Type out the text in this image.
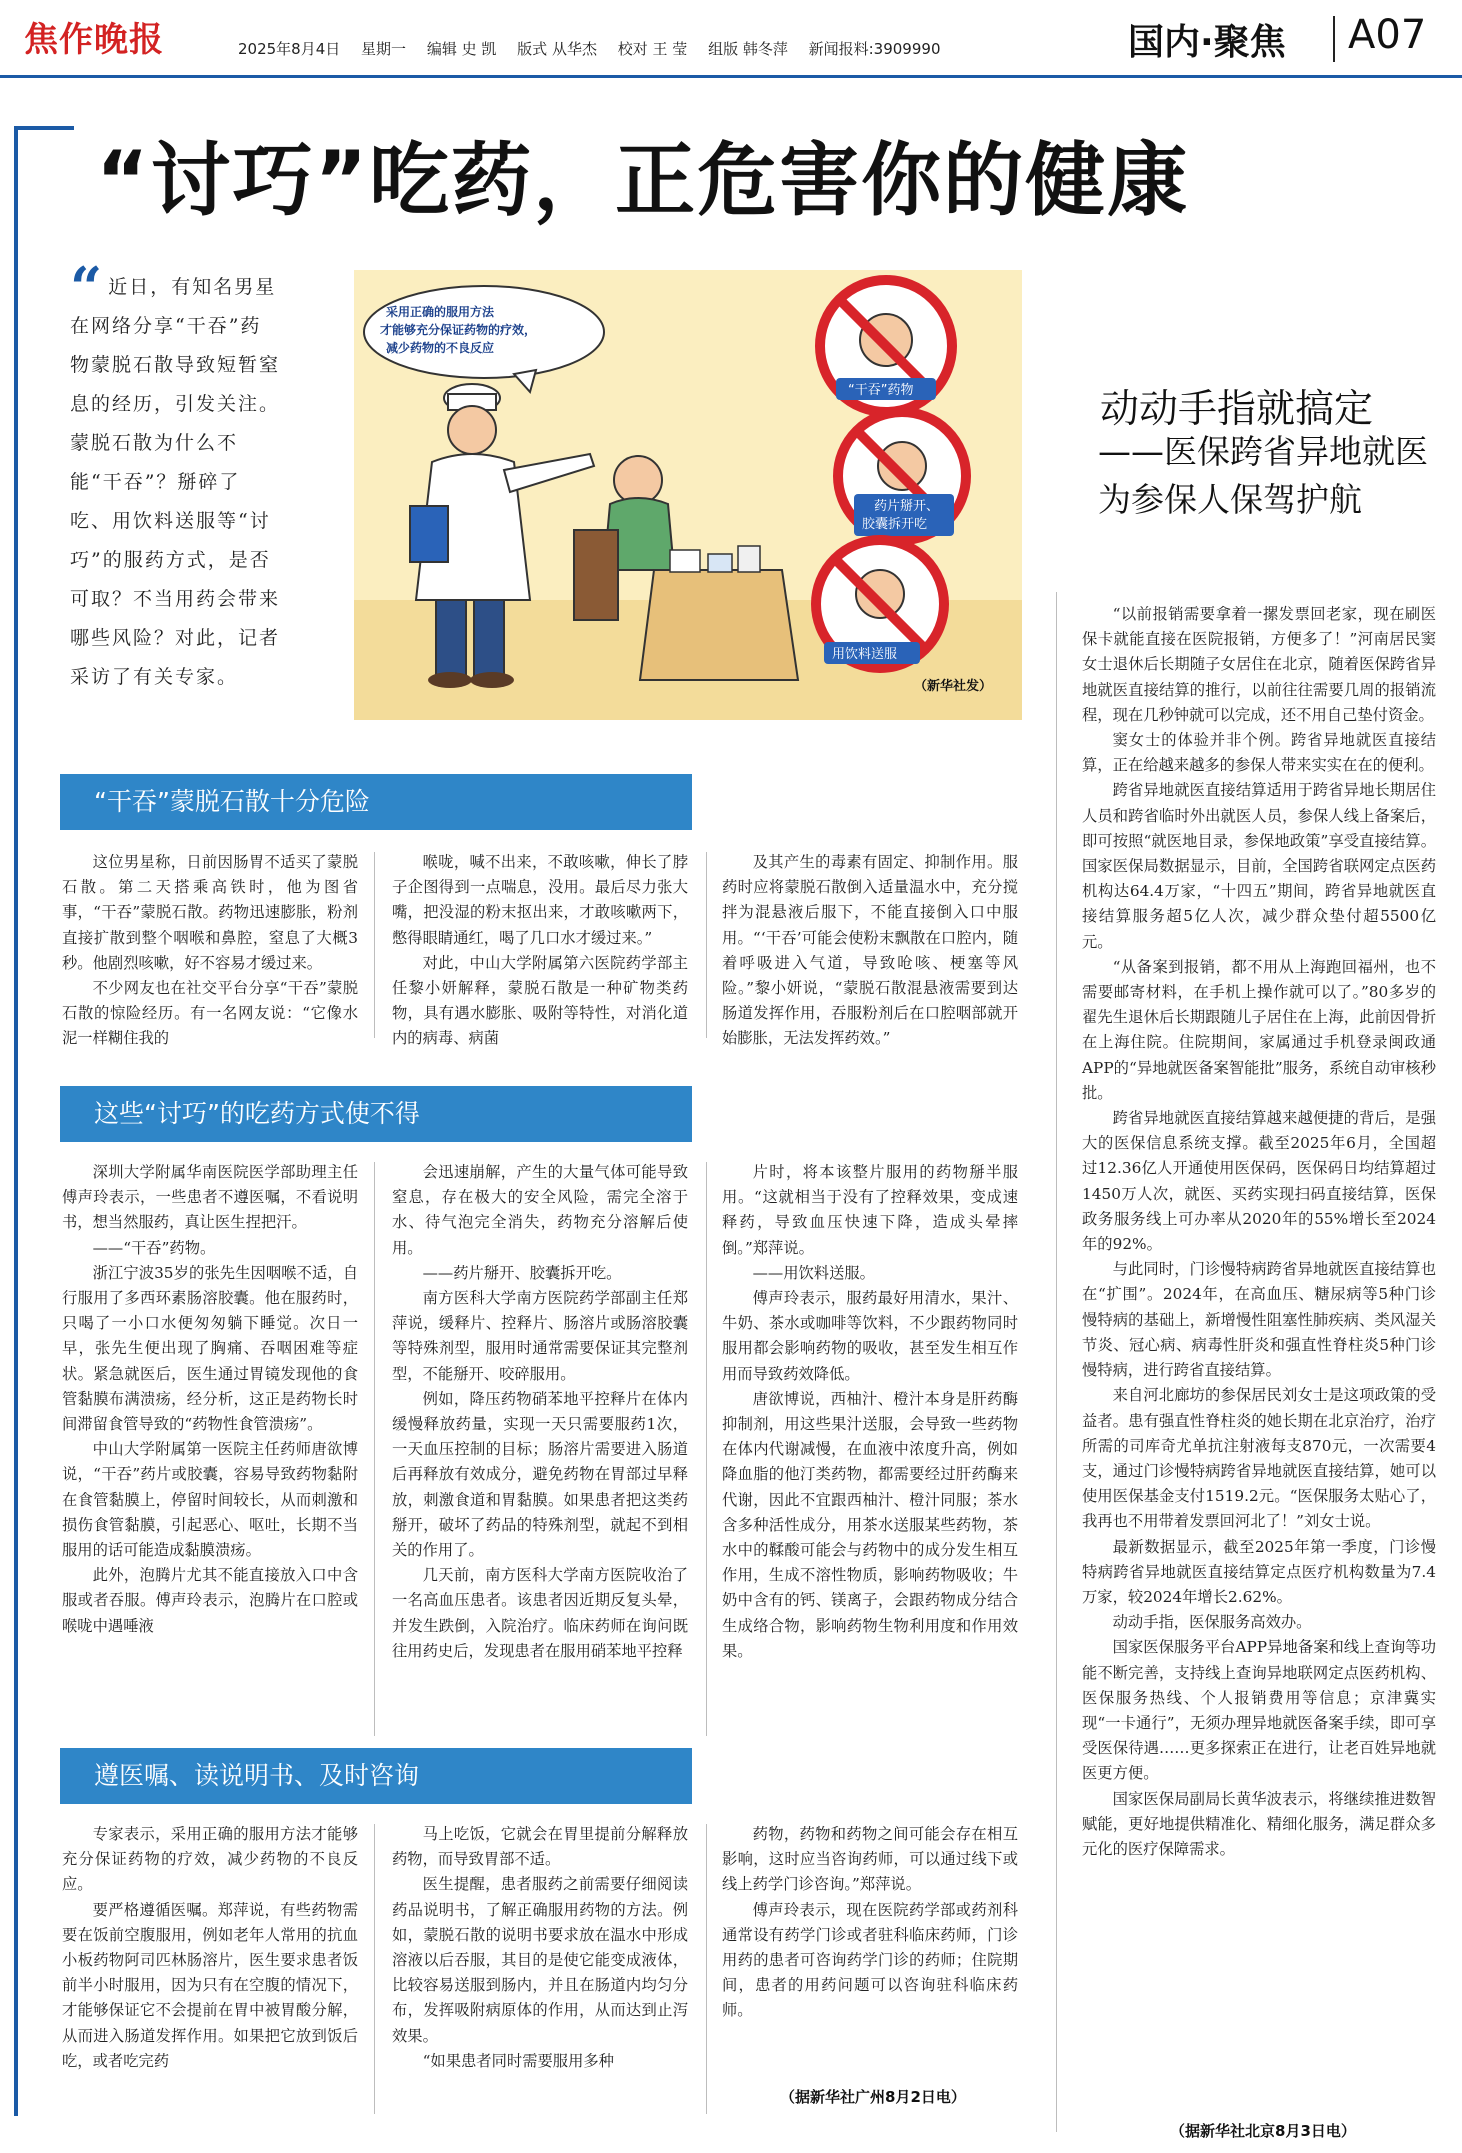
焦作晚报	2025年8月4日 星期一 编辑 史 凯 版式 从华杰 校对 王 莹 组版 韩冬萍 新闻报料:3909990	国内·聚焦 A07
“讨巧”吃药，正危害你的健康
“ 近日，有知名男星在网络分享“干吞”药物蒙脱石散导致短暂窒息的经历，引发关注。蒙脱石散为什么不能“干吞”？掰碎了吃、用饮料送服等“讨巧”的服药方式，是否可取？不当用药会带来哪些风险？对此，记者采访了有关专家。
采用正确的服用方法
才能够充分保证药物的疗效，
减少药物的不良反应
“干吞”药物
药片掰开、
胶囊拆开吃
用饮料送服
（新华社发）
动动手指就搞定
——医保跨省异地就医为参保人保驾护航

“以前报销需要拿着一摞发票回老家，现在刷医保卡就能直接在医院报销，方便多了！”河南居民窦女士退休后长期随子女居住在北京，随着医保跨省异地就医直接结算的推行，以前往往需要几周的报销流程，现在几秒钟就可以完成，还不用自己垫付资金。

窦女士的体验并非个例。跨省异地就医直接结算，正在给越来越多的参保人带来实实在在的便利。

跨省异地就医直接结算适用于跨省异地长期居住人员和跨省临时外出就医人员，参保人线上备案后，即可按照“就医地目录，参保地政策”享受直接结算。国家医保局数据显示，目前，全国跨省联网定点医药机构达64.4万家，“十四五”期间，跨省异地就医直接结算服务超5亿人次，减少群众垫付超5500亿元。

“从备案到报销，都不用从上海跑回福州，也不需要邮寄材料，在手机上操作就可以了。”80多岁的翟先生退休后长期跟随儿子居住在上海，此前因骨折在上海住院。住院期间，家属通过手机登录闽政通APP的“异地就医备案智能批”服务，系统自动审核秒批。

跨省异地就医直接结算越来越便捷的背后，是强大的医保信息系统支撑。截至2025年6月，全国超过12.36亿人开通使用医保码，医保码日均结算超过1450万人次，就医、买药实现扫码直接结算，医保政务服务线上可办率从2020年的55%增长至2024年的92%。

与此同时，门诊慢特病跨省异地就医直接结算也在“扩围”。2024年，在高血压、糖尿病等5种门诊慢特病的基础上，新增慢性阻塞性肺疾病、类风湿关节炎、冠心病、病毒性肝炎和强直性脊柱炎5种门诊慢特病，进行跨省直接结算。

来自河北廊坊的参保居民刘女士是这项政策的受益者。患有强直性脊柱炎的她长期在北京治疗，治疗所需的司库奇尤单抗注射液每支870元，一次需要4支，通过门诊慢特病跨省异地就医直接结算，她可以使用医保基金支付1519.2元。“医保服务太贴心了，我再也不用带着发票回河北了！”刘女士说。

最新数据显示，截至2025年第一季度，门诊慢特病跨省异地就医直接结算定点医疗机构数量为7.4万家，较2024年增长2.62%。

动动手指，医保服务高效办。

国家医保服务平台APP异地备案和线上查询等功能不断完善，支持线上查询异地联网定点医药机构、医保服务热线、个人报销费用等信息；京津冀实现“一卡通行”，无须办理异地就医备案手续，即可享受医保待遇……更多探索正在进行，让老百姓异地就医更方便。

国家医保局副局长黄华波表示，将继续推进数智赋能，更好地提供精准化、精细化服务，满足群众多元化的医疗保障需求。

（据新华社北京8月3日电）
“干吞”蒙脱石散十分危险

这位男星称，日前因肠胃不适买了蒙脱石散。第二天搭乘高铁时，他为图省事，“干吞”蒙脱石散。药物迅速膨胀，粉剂直接扩散到整个咽喉和鼻腔，窒息了大概3秒。他剧烈咳嗽，好不容易才缓过来。

不少网友也在社交平台分享“干吞”蒙脱石散的惊险经历。有一名网友说：“它像水泥一样糊住我的

喉咙，喊不出来，不敢咳嗽，伸长了脖子企图得到一点喘息，没用。最后尽力张大嘴，把没湿的粉末抠出来，才敢咳嗽两下，憋得眼睛通红，喝了几口水才缓过来。”

对此，中山大学附属第六医院药学部主任黎小妍解释，蒙脱石散是一种矿物类药物，具有遇水膨胀、吸附等特性，对消化道内的病毒、病菌

及其产生的毒素有固定、抑制作用。服药时应将蒙脱石散倒入适量温水中，充分搅拌为混悬液后服下，不能直接倒入口中服用。“‘干吞’可能会使粉末飘散在口腔内，随着呼吸进入气道，导致呛咳、梗塞等风险。”黎小妍说，“蒙脱石散混悬液需要到达肠道发挥作用，吞服粉剂后在口腔咽部就开始膨胀，无法发挥药效。”

这些“讨巧”的吃药方式使不得

深圳大学附属华南医院医学部助理主任傅声玲表示，一些患者不遵医嘱，不看说明书，想当然服药，真让医生捏把汗。

——“干吞”药物。

浙江宁波35岁的张先生因咽喉不适，自行服用了多西环素肠溶胶囊。他在服药时，只喝了一小口水便匆匆躺下睡觉。次日一早，张先生便出现了胸痛、吞咽困难等症状。紧急就医后，医生通过胃镜发现他的食管黏膜布满溃疡，经分析，这正是药物长时间滞留食管导致的“药物性食管溃疡”。

中山大学附属第一医院主任药师唐欲博说，“干吞”药片或胶囊，容易导致药物黏附在食管黏膜上，停留时间较长，从而刺激和损伤食管黏膜，引起恶心、呕吐，长期不当服用的话可能造成黏膜溃疡。

此外，泡腾片尤其不能直接放入口中含服或者吞服。傅声玲表示，泡腾片在口腔或喉咙中遇唾液

会迅速崩解，产生的大量气体可能导致窒息，存在极大的安全风险，需完全溶于水、待气泡完全消失，药物充分溶解后使用。

——药片掰开、胶囊拆开吃。

南方医科大学南方医院药学部副主任郑萍说，缓释片、控释片、肠溶片或肠溶胶囊等特殊剂型，服用时通常需要保证其完整剂型，不能掰开、咬碎服用。

例如，降压药物硝苯地平控释片在体内缓慢释放药量，实现一天只需要服药1次，一天血压控制的目标；肠溶片需要进入肠道后再释放有效成分，避免药物在胃部过早释放，刺激食道和胃黏膜。如果患者把这类药掰开，破坏了药品的特殊剂型，就起不到相关的作用了。

几天前，南方医科大学南方医院收治了一名高血压患者。该患者因近期反复头晕，并发生跌倒，入院治疗。临床药师在询问既往用药史后，发现患者在服用硝苯地平控释

片时，将本该整片服用的药物掰半服用。“这就相当于没有了控释效果，变成速释药，导致血压快速下降，造成头晕摔倒。”郑萍说。

——用饮料送服。

傅声玲表示，服药最好用清水，果汁、牛奶、茶水或咖啡等饮料，不少跟药物同时服用都会影响药物的吸收，甚至发生相互作用而导致药效降低。

唐欲博说，西柚汁、橙汁本身是肝药酶抑制剂，用这些果汁送服，会导致一些药物在体内代谢减慢，在血液中浓度升高，例如降血脂的他汀类药物，都需要经过肝药酶来代谢，因此不宜跟西柚汁、橙汁同服；茶水含多种活性成分，用茶水送服某些药物，茶水中的鞣酸可能会与药物中的成分发生相互作用，生成不溶性物质，影响药物吸收；牛奶中含有的钙、镁离子，会跟药物成分结合生成络合物，影响药物生物利用度和作用效果。

遵医嘱、读说明书、及时咨询

专家表示，采用正确的服用方法才能够充分保证药物的疗效，减少药物的不良反应。

要严格遵循医嘱。郑萍说，有些药物需要在饭前空腹服用，例如老年人常用的抗血小板药物阿司匹林肠溶片，医生要求患者饭前半小时服用，因为只有在空腹的情况下，才能够保证它不会提前在胃中被胃酸分解，从而进入肠道发挥作用。如果把它放到饭后吃，或者吃完药

马上吃饭，它就会在胃里提前分解释放药物，而导致胃部不适。

医生提醒，患者服药之前需要仔细阅读药品说明书，了解正确服用药物的方法。例如，蒙脱石散的说明书要求放在温水中形成溶液以后吞服，其目的是使它能变成液体，比较容易送服到肠内，并且在肠道内均匀分布，发挥吸附病原体的作用，从而达到止泻效果。

“如果患者同时需要服用多种

药物，药物和药物之间可能会存在相互影响，这时应当咨询药师，可以通过线下或线上药学门诊咨询。”郑萍说。

傅声玲表示，现在医院药学部或药剂科通常设有药学门诊或者驻科临床药师，门诊用药的患者可咨询药学门诊的药师；住院期间，患者的用药问题可以咨询驻科临床药师。

（据新华社广州8月2日电）
